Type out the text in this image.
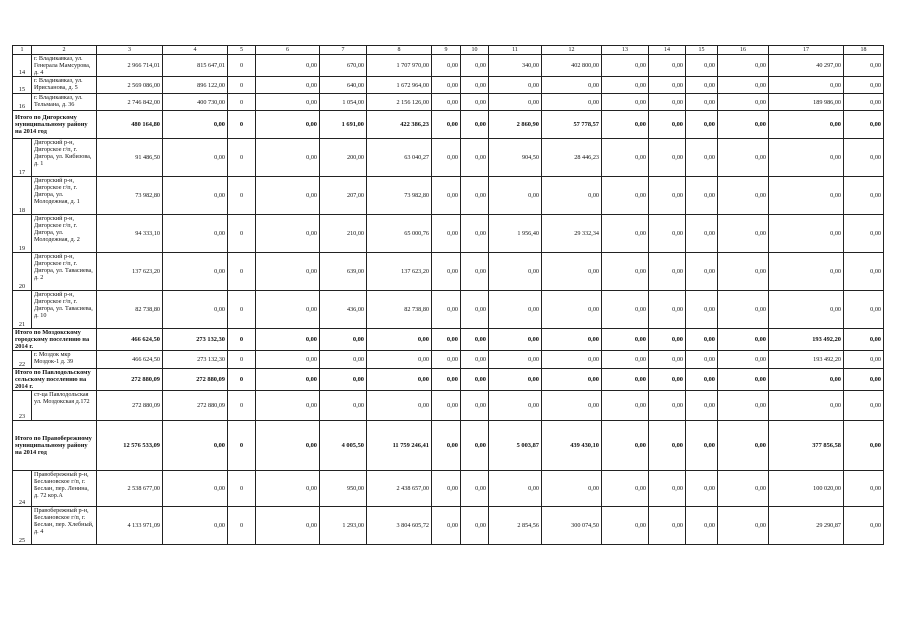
1	2	3	4	5	6	7	8	9	10	11	12	13	14	15	16	17	18
14	г. Владикавказ, ул. Генерала Мамсурова, д. 4	2 966 714,01	815 647,01	0	0,00	670,00	1 707 970,00	0,00	0,00	340,00	402 800,00	0,00	0,00	0,00	0,00	40 297,00	0,00
15	г. Владикавказ, ул. Ирисханова, д. 5	2 569 086,00	896 122,00	0	0,00	640,00	1 672 964,00	0,00	0,00	0,00	0,00	0,00	0,00	0,00	0,00	0,00	0,00
16	г. Владикавказ, ул. Тельмана, д. 36	2 746 842,00	400 730,00	0	0,00	1 054,00	2 156 126,00	0,00	0,00	0,00	0,00	0,00	0,00	0,00	0,00	189 986,00	0,00
Итого по Дигорскому муниципальному району на 2014 год		480 164,80	0,00	0	0,00	1 691,00	422 386,23	0,00	0,00	2 860,90	57 778,57	0,00	0,00	0,00	0,00	0,00	0,00
17	Дигорский р-н, Дигорское г/п, г. Дигора, ул. Кибизова, д. 1	91 486,50	0,00	0	0,00	200,00	63 040,27	0,00	0,00	904,50	28 446,23	0,00	0,00	0,00	0,00	0,00	0,00
18	Дигорский р-н, Дигорское г/п, г. Дигора, ул. Молодежная, д. 1	73 982,80	0,00	0	0,00	207,00	73 982,80	0,00	0,00	0,00	0,00	0,00	0,00	0,00	0,00	0,00	0,00
19	Дигорский р-н, Дигорское г/п, г. Дигора, ул. Молодежная, д. 2	94 333,10	0,00	0	0,00	210,00	65 000,76	0,00	0,00	1 956,40	29 332,34	0,00	0,00	0,00	0,00	0,00	0,00
20	Дигорский р-н, Дигорское г/п, г. Дигора, ул. Тавасиева, д. 2	137 623,20	0,00	0	0,00	639,00	137 623,20	0,00	0,00	0,00	0,00	0,00	0,00	0,00	0,00	0,00	0,00
21	Дигорский р-н, Дигорское г/п, г. Дигора, ул. Тавасиева, д. 10	82 738,80	0,00	0	0,00	436,00	82 738,80	0,00	0,00	0,00	0,00	0,00	0,00	0,00	0,00	0,00	0,00
Итого по Моздокскому городскому поселению на 2014 г.		466 624,50	273 132,30	0	0,00	0,00	0,00	0,00	0,00	0,00	0,00	0,00	0,00	0,00	0,00	193 492,20	0,00
22	г. Моздок мкр Моздок-1 д. 39	466 624,50	273 132,30	0	0,00	0,00	0,00	0,00	0,00	0,00	0,00	0,00	0,00	0,00	0,00	193 492,20	0,00
Итого по Павлодольскому сельскому поселению на 2014 г.		272 880,09	272 880,09	0	0,00	0,00	0,00	0,00	0,00	0,00	0,00	0,00	0,00	0,00	0,00	0,00	0,00
23	ст-ца Павлодольская ул. Моздокская д.172	272 880,09	272 880,09	0	0,00	0,00	0,00	0,00	0,00	0,00	0,00	0,00	0,00	0,00	0,00	0,00	0,00
Итого по Правобережному муниципальному району на 2014 год		12 576 533,09	0,00	0	0,00	4 005,50	11 759 246,41	0,00	0,00	5 003,87	439 430,10	0,00	0,00	0,00	0,00	377 856,58	0,00
24	Правобережный р-н, Беслановское г/п, г. Беслан, пер. Ленина, д. 72 кор.А	2 538 677,00	0,00	0	0,00	950,00	2 438 657,00	0,00	0,00	0,00	0,00	0,00	0,00	0,00	0,00	100 020,00	0,00
25	Правобережный р-н, Беслановское г/п, г. Беслан, пер. Хлебный, д. 4	4 133 971,09	0,00	0	0,00	1 293,00	3 804 605,72	0,00	0,00	2 854,56	300 074,50	0,00	0,00	0,00	0,00	29 290,87	0,00
